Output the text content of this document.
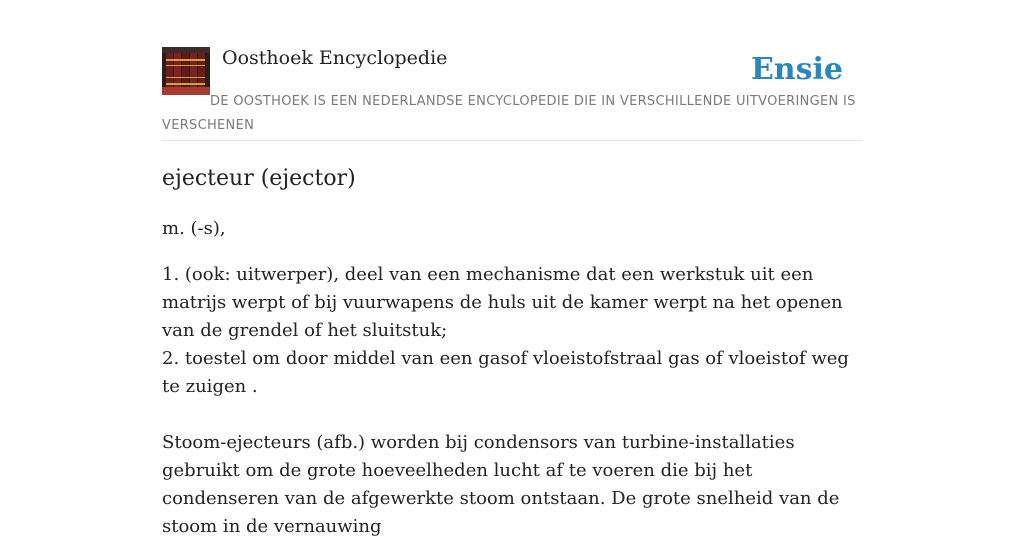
Oosthoek Encyclopedie	Ensie
DE OOSTHOEK IS EEN NEDERLANDSE ENCYCLOPEDIE DIE IN VERSCHILLENDE UITVOERINGEN IS VERSCHENEN
ejecteur (ejector)

m. (-s),

1. (ook: uitwerper), deel van een mechanisme dat een werkstuk uit een matrijs werpt of bij vuurwapens de huls uit de kamer werpt na het openen van de grendel of het sluitstuk;
2. toestel om door middel van een gasof vloeistofstraal gas of vloeistof weg te zuigen .

Stoom-ejecteurs (afb.) worden bij condensors van turbine-installaties gebruikt om de grote hoeveelheden lucht af te voeren die bij het condenseren van de afgewerkte stoom ontstaan. De grote snelheid van de stoom in de vernauwing
